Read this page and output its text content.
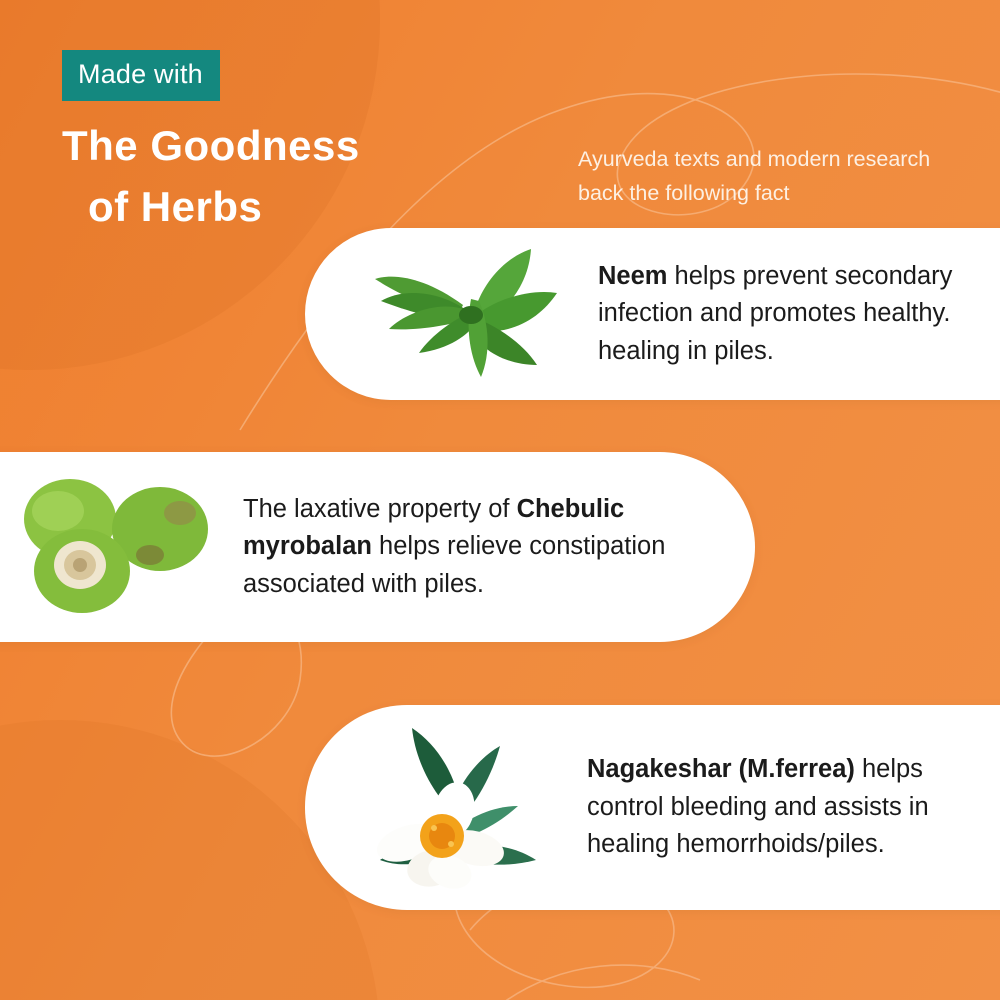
Made with
The Goodness
of Herbs
Ayurveda texts and modern research back the following fact
Neem helps prevent secondary infection and promotes healthy. healing in piles.
The laxative property of Chebulic myrobalan helps relieve constipation associated with piles.
Nagakeshar (M.ferrea) helps control bleeding and assists in healing hemorrhoids/piles.
